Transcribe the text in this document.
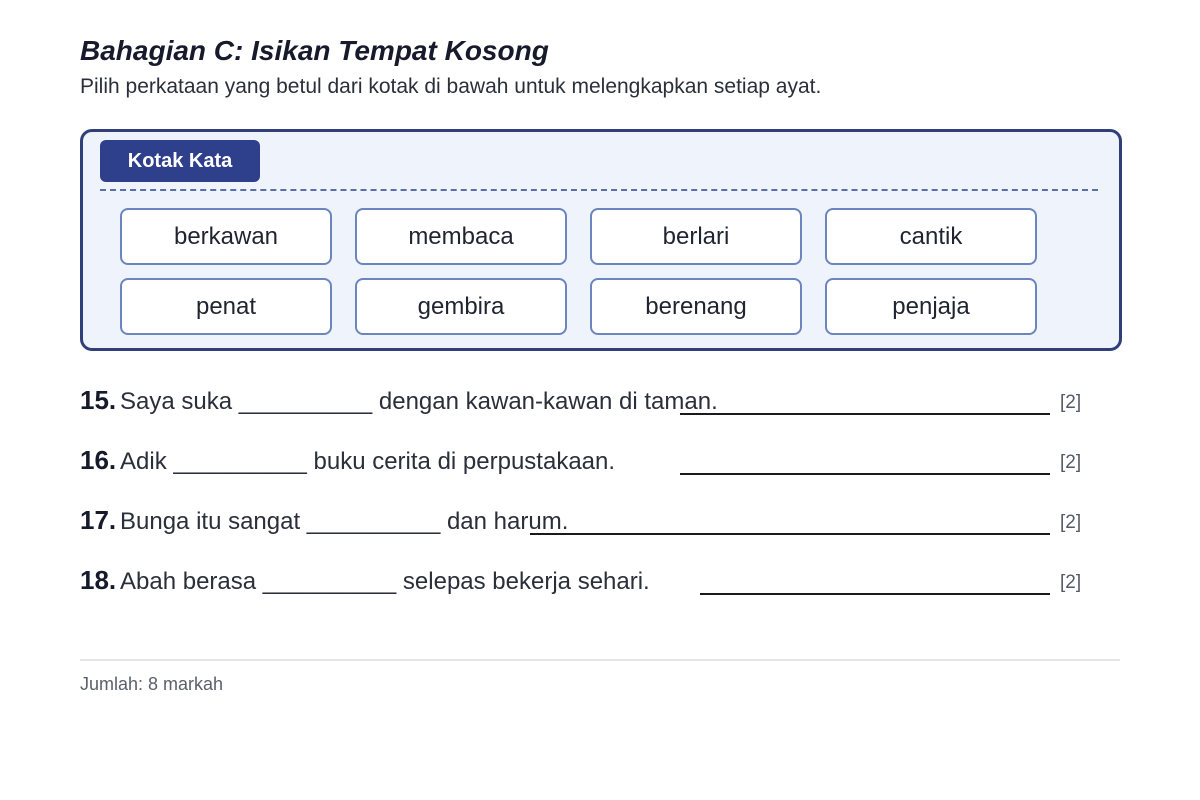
Bahagian C: Isikan Tempat Kosong
Pilih perkataan yang betul dari kotak di bawah untuk melengkapkan setiap ayat.
Kotak Kata
berkawan	membaca	berlari	cantik
penat	gembira	berenang	penjaja
15. Saya suka __________ dengan kawan-kawan di taman.	[2]
16. Adik __________ buku cerita di perpustakaan.	[2]
17. Bunga itu sangat __________ dan harum.	[2]
18. Abah berasa __________ selepas bekerja sehari.	[2]
Jumlah: 8 markah
